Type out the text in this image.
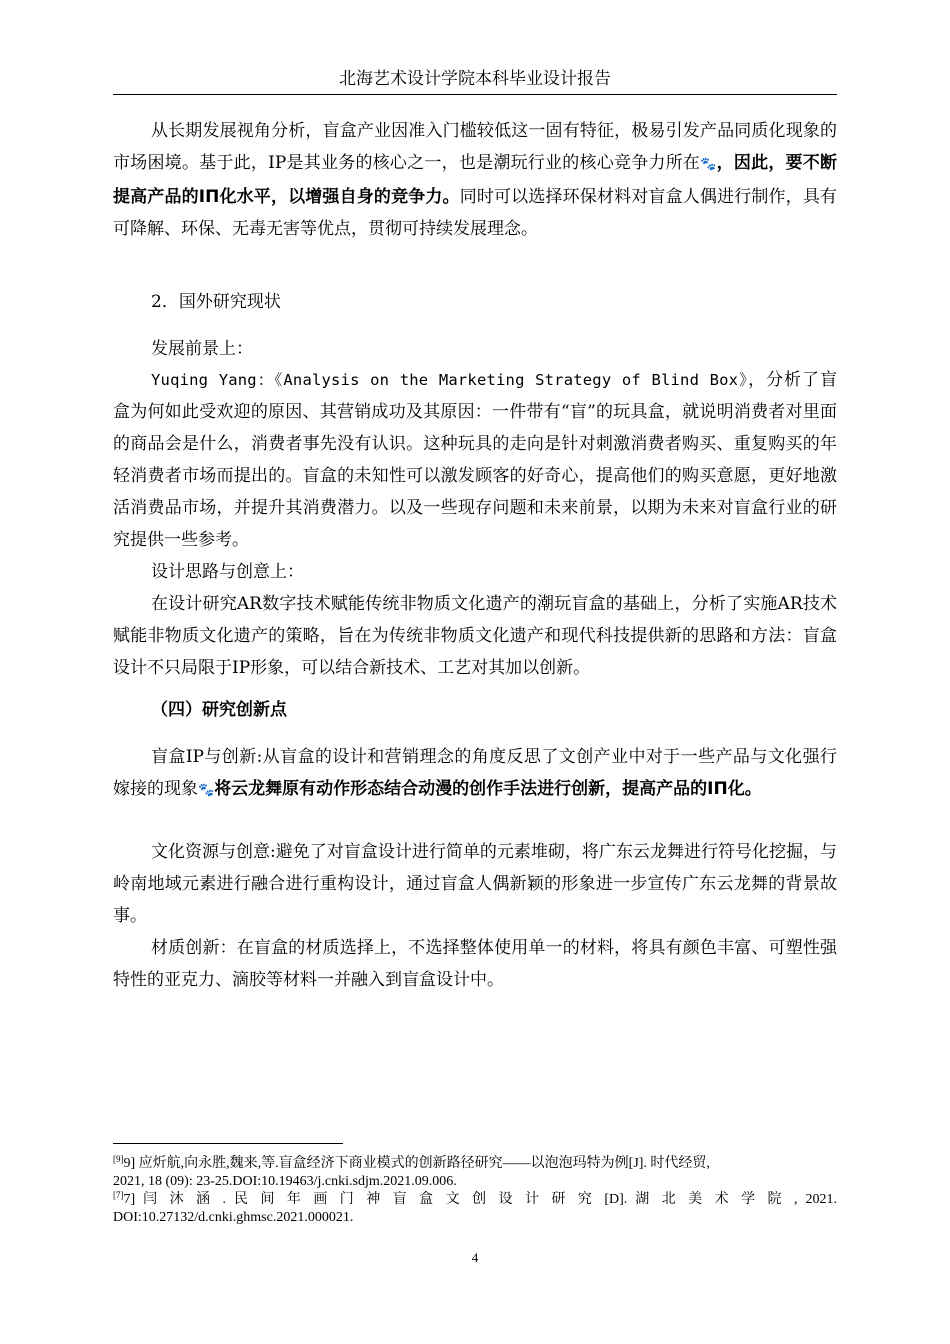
北海艺术设计学院本科毕业设计报告

从长期发展视角分析，盲盒产业因准入门槛较低这一固有特征，极易引发产品同质化现象的市场困境。基于此，IP是其业务的核心之一，也是潮玩行业的核心竞争力所在🐾，因此，要不断提高产品的IП化水平，以增强自身的竞争力。同时可以选择环保材料对盲盒人偶进行制作，具有可降解、环保、无毒无害等优点，贯彻可持续发展理念。

2．国外研究现状

发展前景上：

Yuqing Yang：《Analysis on the Marketing Strategy of Blind Box》，分析了盲盒为何如此受欢迎的原因、其营销成功及其原因：一件带有“盲”的玩具盒，就说明消费者对里面的商品会是什么，消费者事先没有认识。这种玩具的走向是针对刺激消费者购买、重复购买的年轻消费者市场而提出的。盲盒的未知性可以激发顾客的好奇心，提高他们的购买意愿，更好地激活消费品市场，并提升其消费潜力。以及一些现存问题和未来前景，以期为未来对盲盒行业的研究提供一些参考。

设计思路与创意上：

在设计研究AR数字技术赋能传统非物质文化遗产的潮玩盲盒的基础上，分析了实施AR技术赋能非物质文化遗产的策略，旨在为传统非物质文化遗产和现代科技提供新的思路和方法：盲盒设计不只局限于IP形象，可以结合新技术、工艺对其加以创新。

（四）研究创新点

盲盒IP与创新:从盲盒的设计和营销理念的角度反思了文创产业中对于一些产品与文化强行嫁接的现象🐾将云龙舞原有动作形态结合动漫的创作手法进行创新，提高产品的IП化。

文化资源与创意:避免了对盲盒设计进行简单的元素堆砌，将广东云龙舞进行符号化挖掘，与岭南地域元素进行融合进行重构设计，通过盲盒人偶新颖的形象进一步宣传广东云龙舞的背景故事。

材质创新：在盲盒的材质选择上，不选择整体使用单一的材料，将具有颜色丰富、可塑性强特性的亚克力、滴胶等材料一并融入到盲盒设计中。

[9]9] 应炘航,向永胜,魏来,等.盲盒经济下商业模式的创新路径研究——以泡泡玛特为例[J]. 时代经贸,
2021, 18 (09): 23-25.DOI:10.19463/j.cnki.sdjm.2021.09.006.

[7]7] 闫 沐 涵 . 民 间 年 画 门 神 盲 盒 文 创 设 计 研 究 [D]. 湖 北 美 术 学 院 , 2021.
DOI:10.27132/d.cnki.ghmsc.2021.000021.

4
